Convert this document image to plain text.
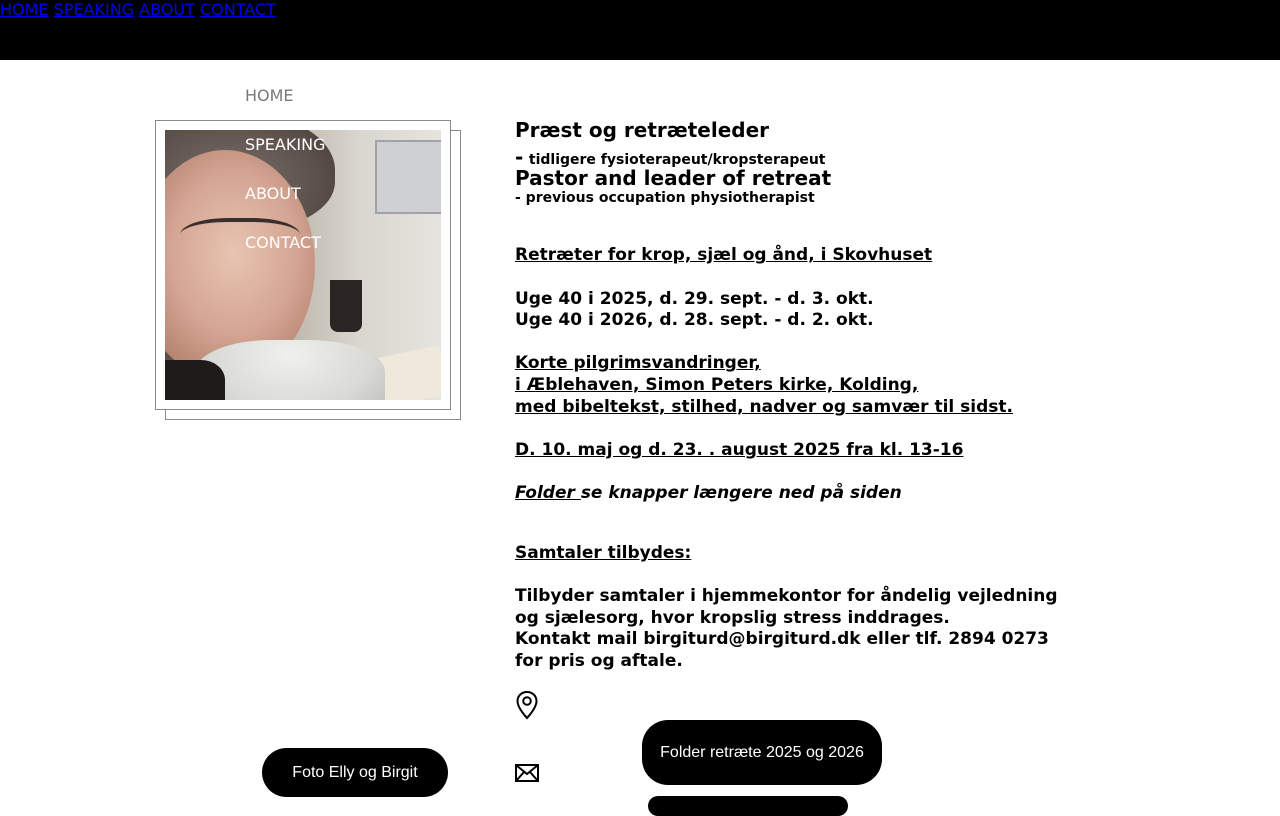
HOME SPEAKING ABOUT CONTACT
HOME
SPEAKING
ABOUT
CONTACT
Præst og retræteleder
- tidligere fysioterapeut/kropsterapeut
Pastor and leader of retreat
- previous occupation physiotherapist
Retræter for krop, sjæl og ånd, i Skovhuset
Uge 40 i 2025, d. 29. sept. - d. 3. okt.
Uge 40 i 2026, d. 28. sept. - d. 2. okt.
Korte pilgrimsvandringer,
i Æblehaven, Simon Peters kirke, Kolding,
med bibeltekst, stilhed, nadver og samvær til sidst.
D. 10. maj og d. 23. . august 2025 fra kl. 13-16
Folder se knapper længere ned på siden
Samtaler tilbydes:
Tilbyder samtaler i hjemmekontor for åndelig vejledning
og sjælesorg, hvor kropslig stress inddrages.
Kontakt mail birgiturd@birgiturd.dk eller tlf. 2894 0273
for pris og aftale.
Foto Elly og Birgit
Folder retræte 2025 og 2026
